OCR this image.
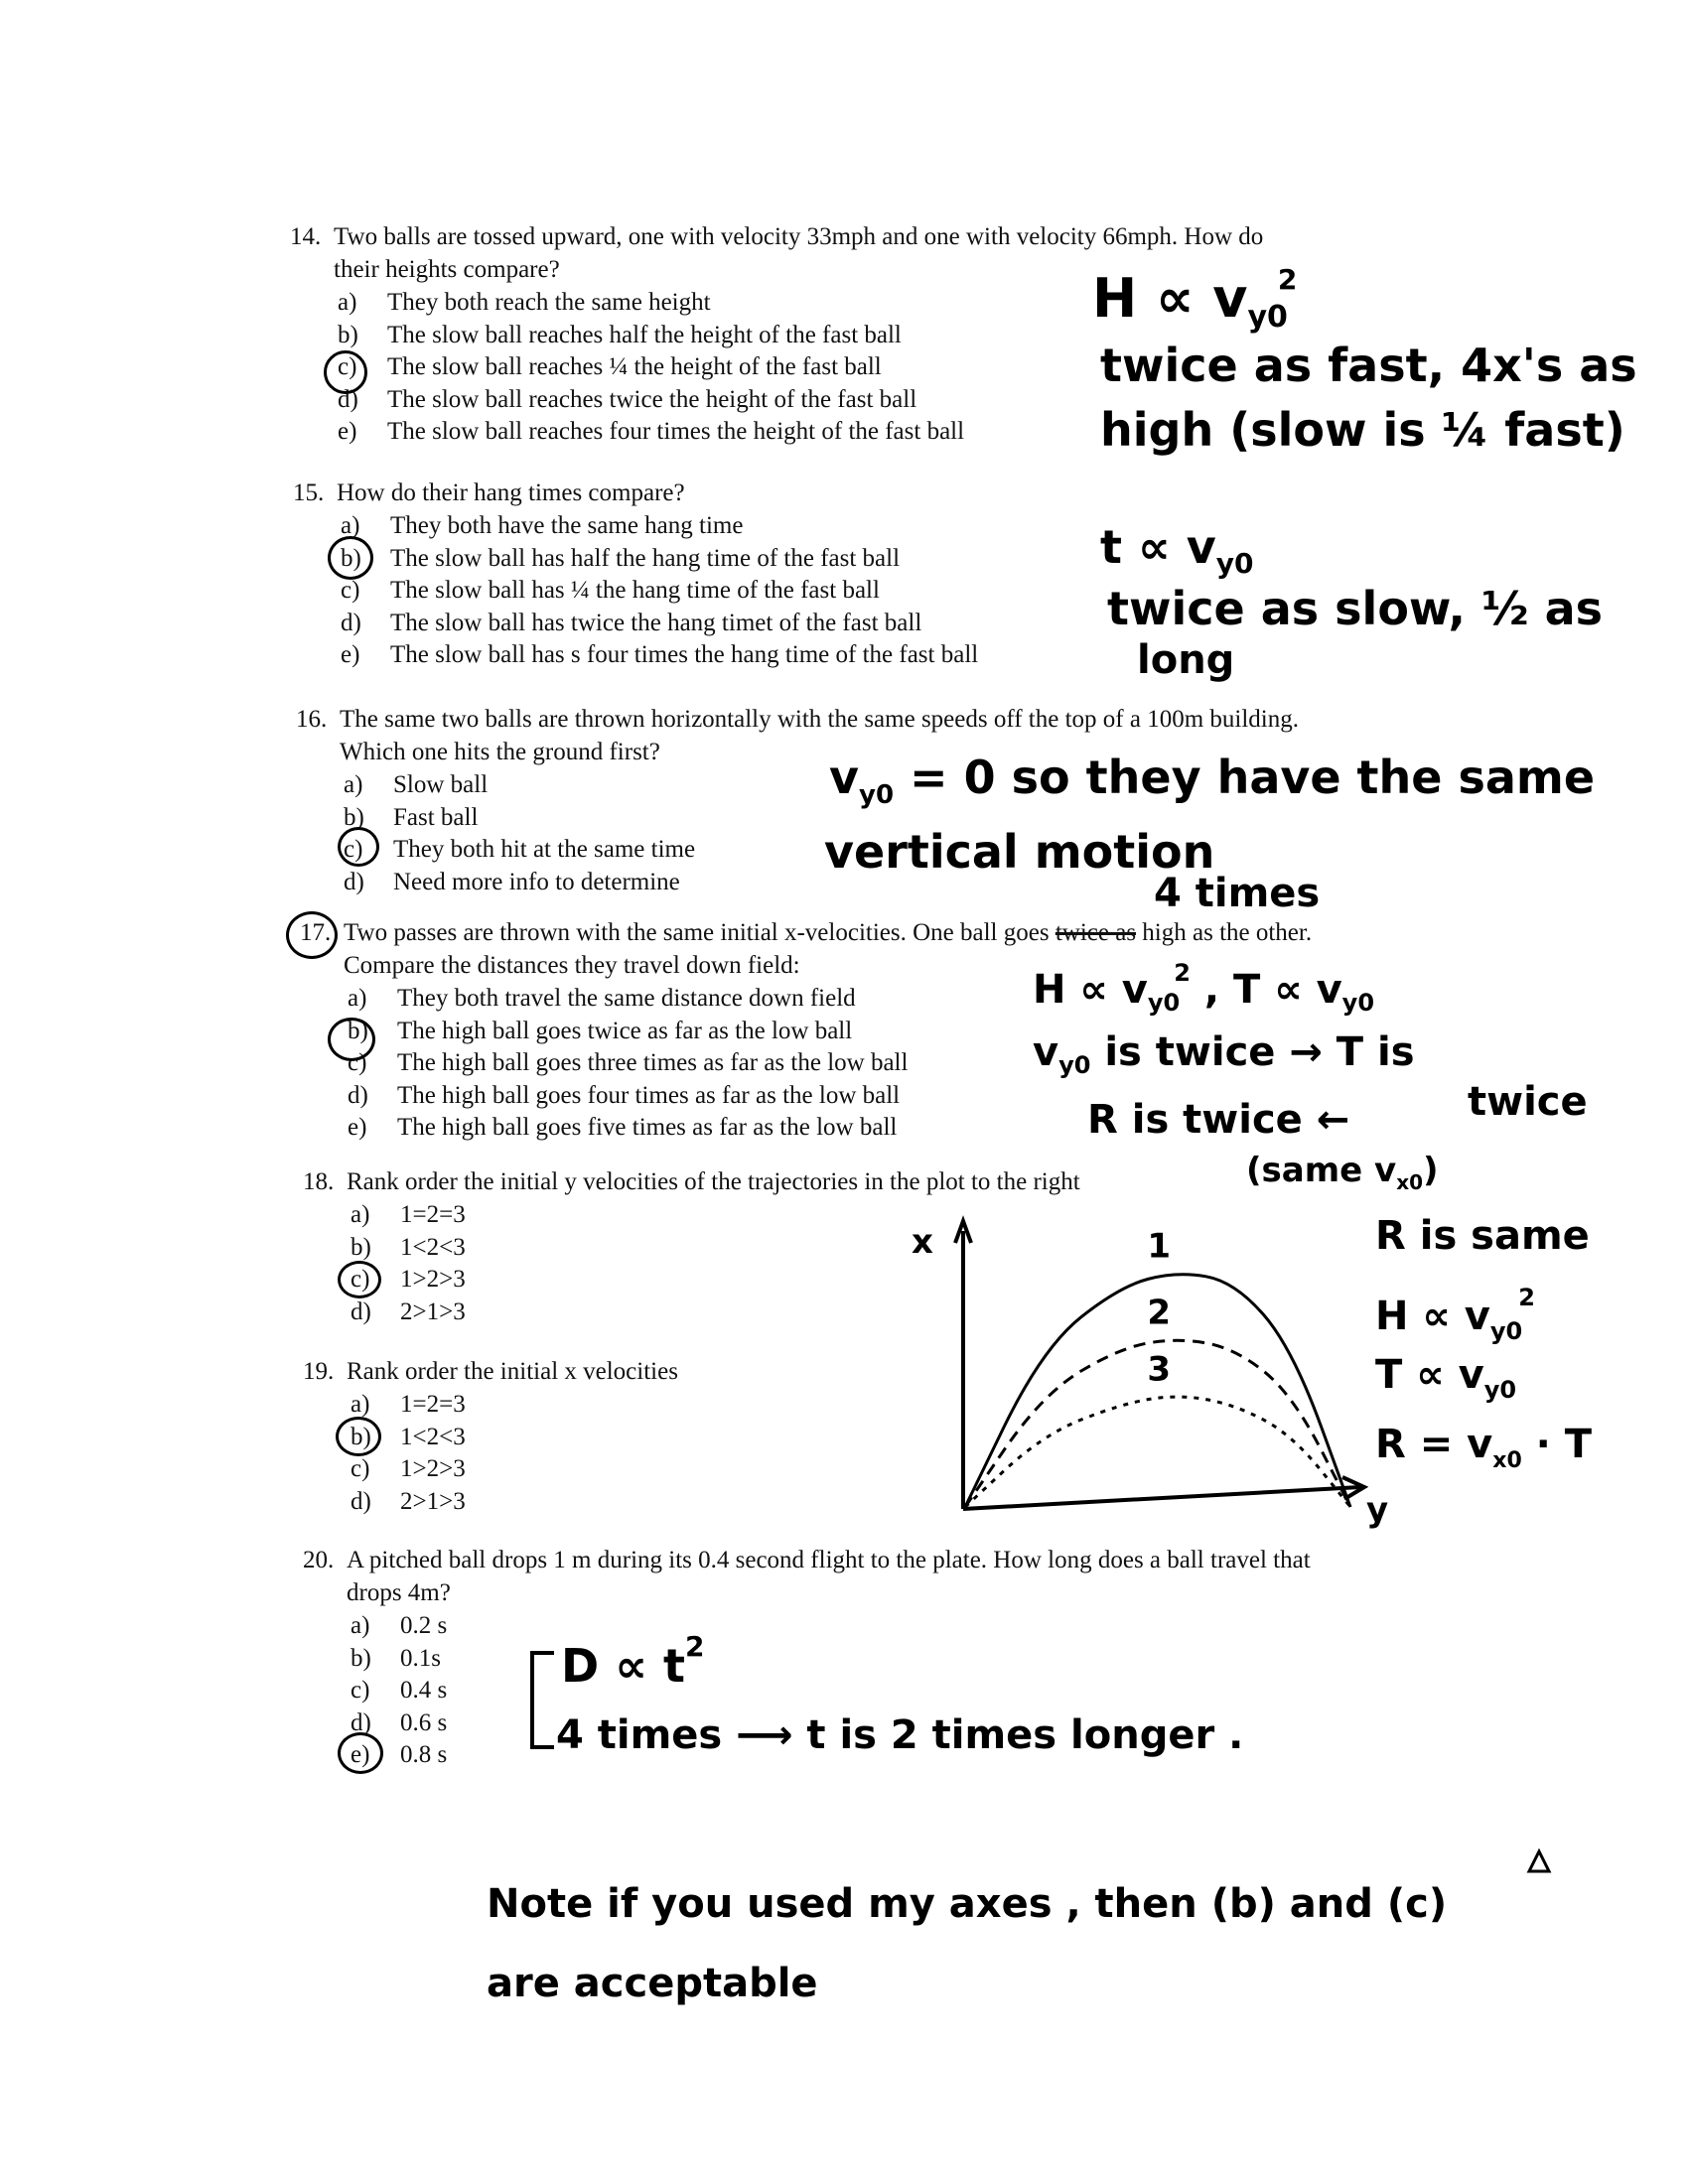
14. Two balls are tossed upward, one with velocity 33mph and one with velocity 66mph. How do
their heights compare?
a) They both reach the same height
b) The slow ball reaches half the height of the fast ball
c) The slow ball reaches ¼ the height of the fast ball
d) The slow ball reaches twice the height of the fast ball
e) The slow ball reaches four times the height of the fast ball
15. How do their hang times compare?
a) They both have the same hang time
b) The slow ball has half the hang time of the fast ball
c) The slow ball has ¼ the hang time of the fast ball
d) The slow ball has twice the hang timet of the fast ball
e) The slow ball has s four times the hang time of the fast ball
16. The same two balls are thrown horizontally with the same speeds off the top of a 100m building.
Which one hits the ground first?
a) Slow ball
b) Fast ball
c) They both hit at the same time
d) Need more info to determine
17. Two passes are thrown with the same initial x-velocities. One ball goes twice as high as the other.
Compare the distances they travel down field:
a) They both travel the same distance down field
b) The high ball goes twice as far as the low ball
c) The high ball goes three times as far as the low ball
d) The high ball goes four times as far as the low ball
e) The high ball goes five times as far as the low ball
18. Rank order the initial y velocities of the trajectories in the plot to the right
a) 1=2=3
b) 1<2<3
c) 1>2>3
d) 2>1>3
19. Rank order the initial x velocities
a) 1=2=3
b) 1<2<3
c) 1>2>3
d) 2>1>3
20. A pitched ball drops 1 m during its 0.4 second flight to the plate. How long does a ball travel that
drops 4m?
a) 0.2 s
b) 0.1s
c) 0.4 s
d) 0.6 s
e) 0.8 s
$H \propto vy0^2$
twice as fast, 4x's as
high (slow is ¼ fast)
$t \propto v_{y0}$
twice as slow, ½ as
long
$v_{y0} = 0$ so they have the same
vertical motion
4 times
$H \propto v_{y0}^2$ , $T \propto v_{y0}$
$v_{y0}$ is twice → T is
twice
R is twice ←
(same $v_{x0}$)
R is same
$H \propto v_{y0}^2$
$T \propto v_{y0}$
$R = v_{x0} \cdot T$
$D \propto t^2$
4 times ⟶ t is 2 times longer .
Note if you used my axes , then (b) and (c)
are acceptable
x
y
1
2
3
